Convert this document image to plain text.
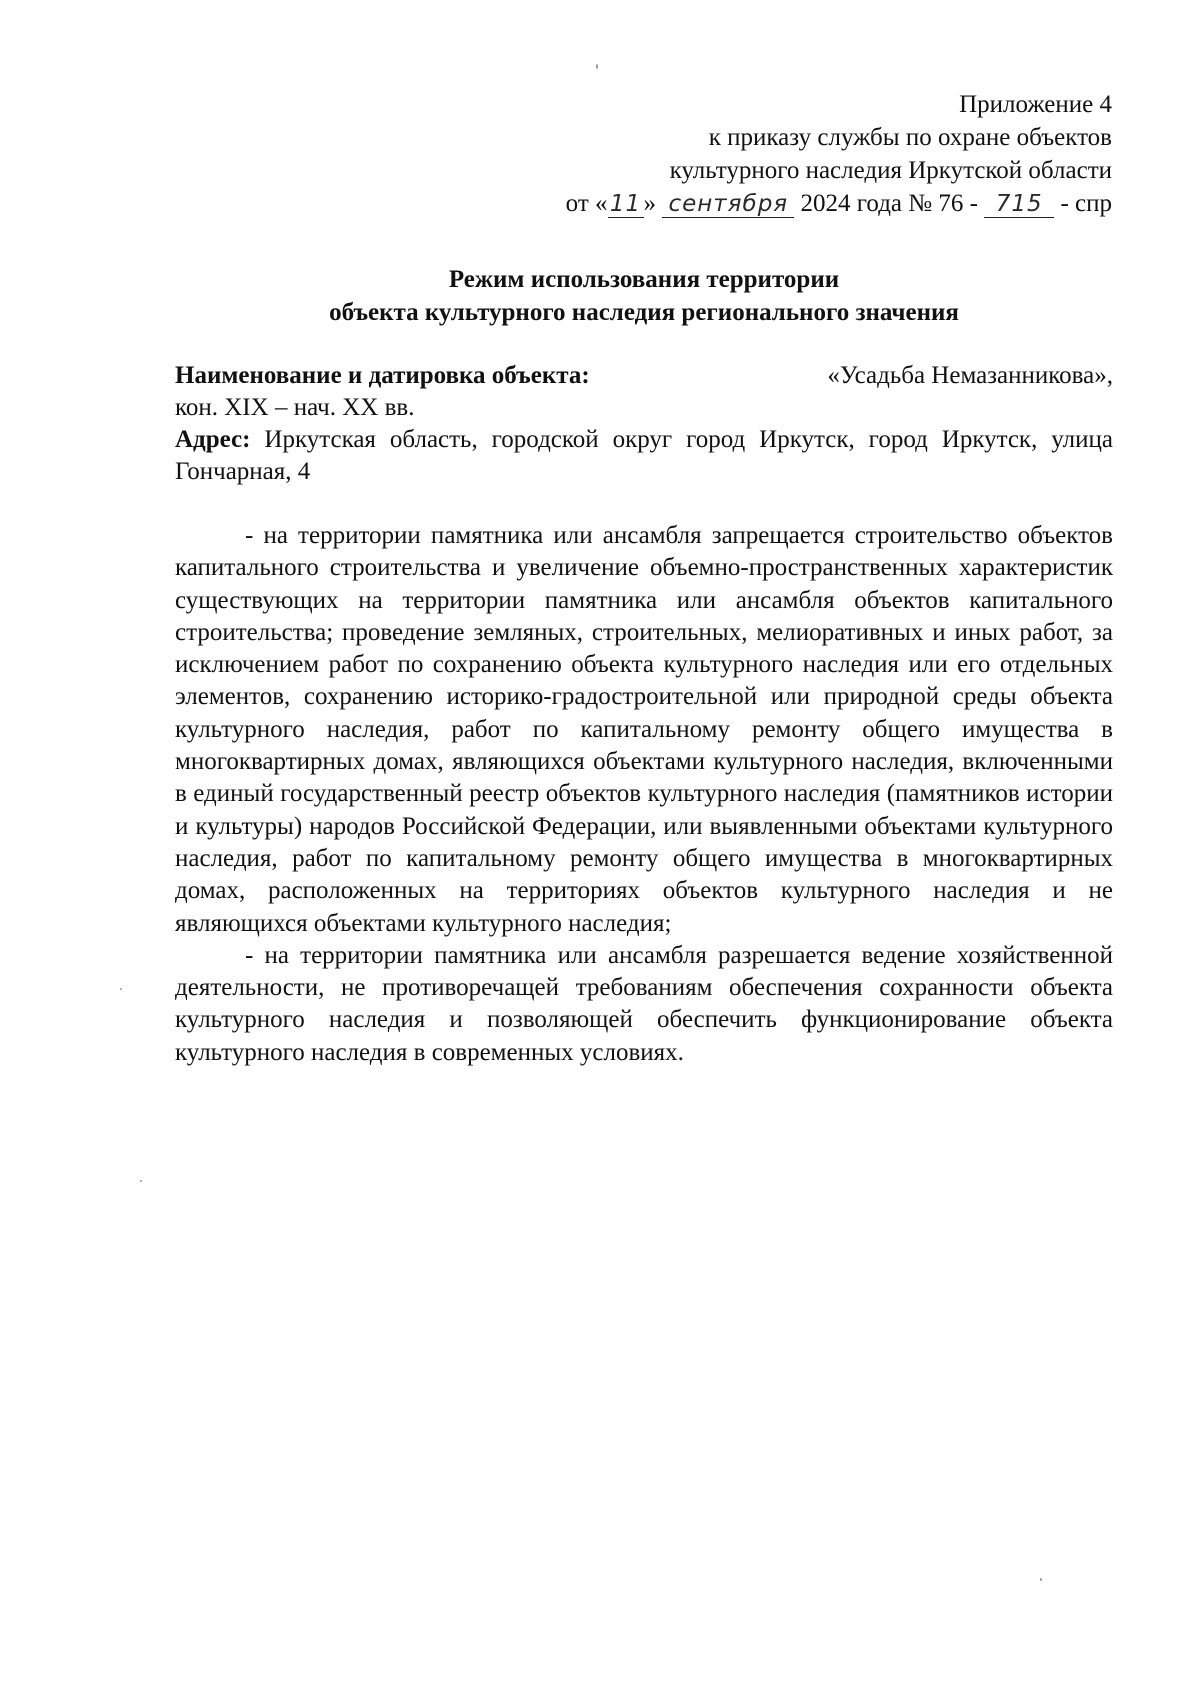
Приложение 4
к приказу службы по охране объектов
культурного наследия Иркутской области
от « 11» сентября 2024 года № 76 - 715 - спр
Режим использования территории
объекта культурного наследия регионального значения
Наименование и датировка объекта:	«Усадьба Немазанникова»,

кон. XIX – нач. XX вв.

Адрес: Иркутская область, городской округ город Иркутск, город Иркутск, улица Гончарная, 4

- на территории памятника или ансамбля запрещается строительство объектов капитального строительства и увеличение объемно-пространственных характеристик существующих на территории памятника или ансамбля объектов капитального строительства; проведение земляных, строительных, мелиоративных и иных работ, за исключением работ по сохранению объекта культурного наследия или его отдельных элементов, сохранению историко-градостроительной или природной среды объекта культурного наследия, работ по капитальному ремонту общего имущества в многоквартирных домах, являющихся объектами культурного наследия, включенными в единый государственный реестр объектов культурного наследия (памятников истории и культуры) народов Российской Федерации, или выявленными объектами культурного наследия, работ по капитальному ремонту общего имущества в многоквартирных домах, расположенных на территориях объектов культурного наследия и не являющихся объектами культурного наследия;

- на территории памятника или ансамбля разрешается ведение хозяйственной деятельности, не противоречащей требованиям обеспечения сохранности объекта культурного наследия и позволяющей обеспечить функционирование объекта культурного наследия в современных условиях.
